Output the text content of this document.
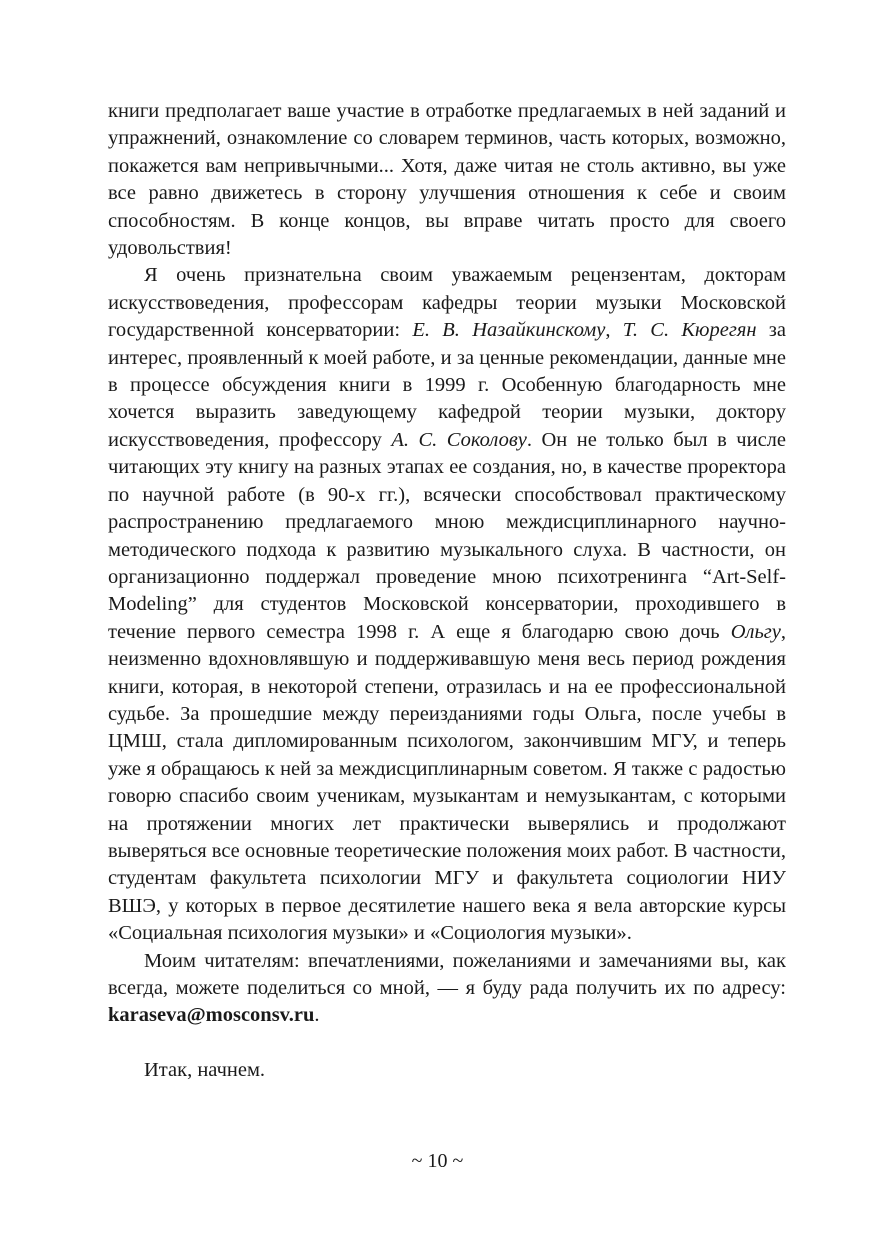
книги предполагает ваше участие в отработке предлагаемых в ней заданий и упражнений, ознакомление со словарем терминов, часть которых, возможно, покажется вам непривычными... Хотя, даже читая не столь активно, вы уже все равно движетесь в сторону улучшения отношения к себе и своим способностям. В конце концов, вы вправе читать просто для своего удовольствия!

Я очень признательна своим уважаемым рецензентам, докторам искусствоведения, профессорам кафедры теории музыки Московской государственной консерватории: Е. В. Назайкинскому, Т. С. Кюрегян за интерес, проявленный к моей работе, и за ценные рекомендации, данные мне в процессе обсуждения книги в 1999 г. Особенную благодарность мне хочется выразить заведующему кафедрой теории музыки, доктору искусствоведения, профессору А. С. Соколову. Он не только был в числе читающих эту книгу на разных этапах ее создания, но, в качестве проректора по научной работе (в 90-х гг.), всячески способствовал практическому распространению предлагаемого мною междисциплинарного научно-методического подхода к развитию музыкального слуха. В частности, он организационно поддержал проведение мною психотренинга “Art-Self-Modeling” для студентов Московской консерватории, проходившего в течение первого семестра 1998 г. А еще я благодарю свою дочь Ольгу, неизменно вдохновлявшую и поддерживавшую меня весь период рождения книги, которая, в некоторой степени, отразилась и на ее профессиональной судьбе. За прошедшие между переизданиями годы Ольга, после учебы в ЦМШ, стала дипломированным психологом, закончившим МГУ, и теперь уже я обращаюсь к ней за междисциплинарным советом. Я также с радостью говорю спасибо своим ученикам, музыкантам и немузыкантам, с которыми на протяжении многих лет практически выверялись и продолжают выверяться все основные теоретические положения моих работ. В частности, студентам факультета психологии МГУ и факультета социологии НИУ ВШЭ, у которых в первое десятилетие нашего века я вела авторские курсы «Социальная психология музыки» и «Социология музыки».

Моим читателям: впечатлениями, пожеланиями и замечаниями вы, как всегда, можете поделиться со мной, — я буду рада получить их по адресу: karaseva@mosconsv.ru.

Итак, начнем.

~ 10 ~
